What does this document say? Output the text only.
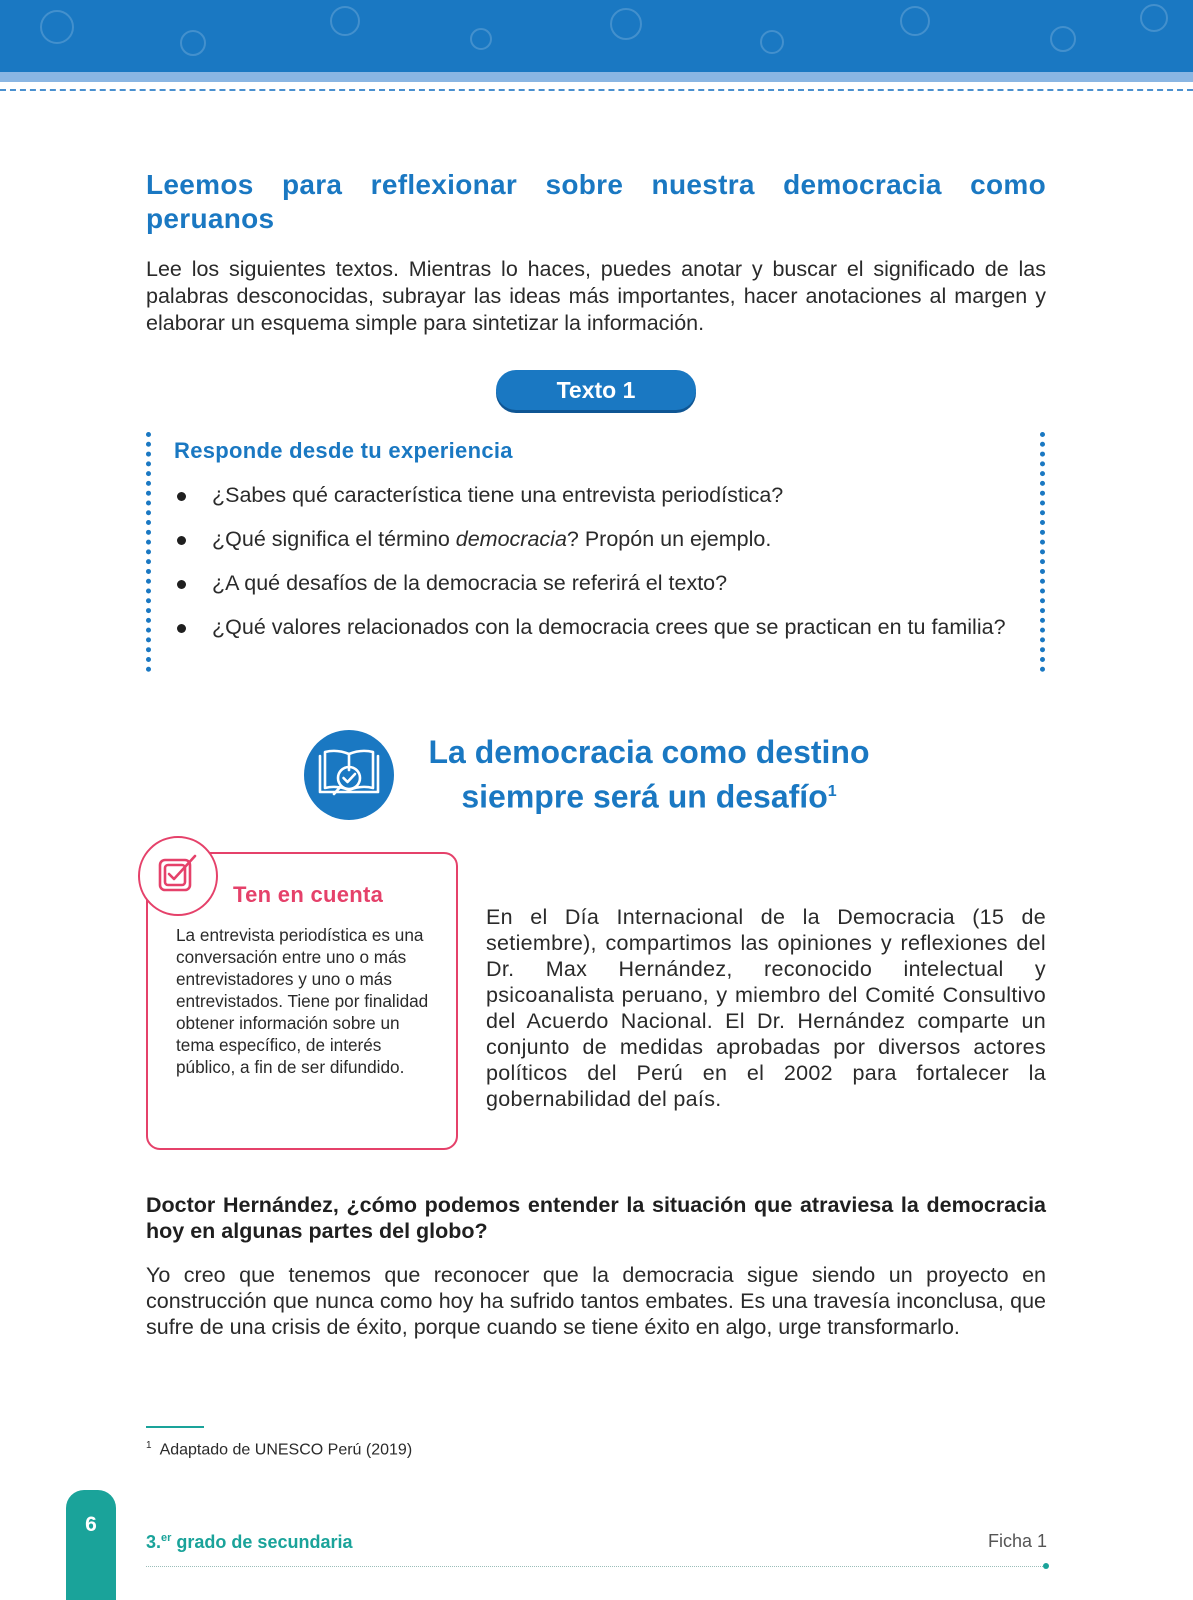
Leemos para reflexionar sobre nuestra democracia como peruanos

Lee los siguientes textos. Mientras lo haces, puedes anotar y buscar el significado de las palabras desconocidas, subrayar las ideas más importantes, hacer anotaciones al margen y elaborar un esquema simple para sintetizar la información.

Texto 1
Responde desde tu experiencia
¿Sabes qué característica tiene una entrevista periodística?
¿Qué significa el término democracia? Propón un ejemplo.
¿A qué desafíos de la democracia se referirá el texto?
¿Qué valores relacionados con la democracia crees que se practican en tu familia?
La democracia como destino
siempre será un desafío$^1$
Ten en cuenta

La entrevista periodística es una conversación entre uno o más entrevistadores y uno o más entrevistados. Tiene por finalidad obtener información sobre un tema específico, de interés público, a fin de ser difundido.

En el Día Internacional de la Democracia (15 de setiembre), compartimos las opiniones y reflexiones del Dr. Max Hernández, reconocido intelectual y psicoanalista peruano, y miembro del Comité Consultivo del Acuerdo Nacional. El Dr. Hernández comparte un conjunto de medidas aprobadas por diversos actores políticos del Perú en el 2002 para fortalecer la gobernabilidad del país.

Doctor Hernández, ¿cómo podemos entender la situación que atraviesa la democracia hoy en algunas partes del globo?

Yo creo que tenemos que reconocer que la democracia sigue siendo un proyecto en construcción que nunca como hoy ha sufrido tantos embates. Es una travesía inconclusa, que sufre de una crisis de éxito, porque cuando se tiene éxito en algo, urge transformarlo.

$^1$ Adaptado de UNESCO Perú (2019)

6
3.$^{er}$ grado de secundaria	Ficha 1
